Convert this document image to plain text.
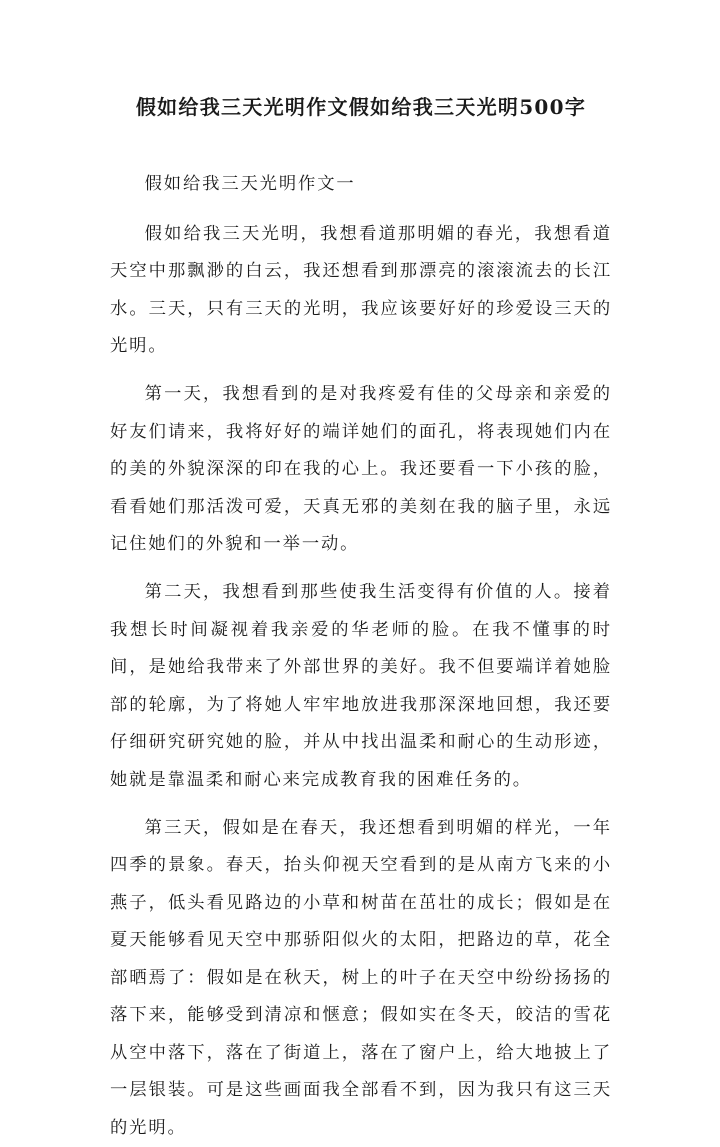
假如给我三天光明作文假如给我三天光明500字

假如给我三天光明作文一

假如给我三天光明，我想看道那明媚的春光，我想看道天空中那飘渺的白云，我还想看到那漂亮的滚滚流去的长江水。三天，只有三天的光明，我应该要好好的珍爱设三天的光明。

第一天，我想看到的是对我疼爱有佳的父母亲和亲爱的好友们请来，我将好好的端详她们的面孔，将表现她们内在的美的外貌深深的印在我的心上。我还要看一下小孩的脸，看看她们那活泼可爱，天真无邪的美刻在我的脑子里，永远记住她们的外貌和一举一动。

第二天，我想看到那些使我生活变得有价值的人。接着我想长时间凝视着我亲爱的华老师的脸。在我不懂事的时间，是她给我带来了外部世界的美好。我不但要端详着她脸部的轮廓，为了将她人牢牢地放进我那深深地回想，我还要仔细研究研究她的脸，并从中找出温柔和耐心的生动形迹，她就是靠温柔和耐心来完成教育我的困难任务的。

第三天，假如是在春天，我还想看到明媚的样光，一年四季的景象。春天，抬头仰视天空看到的是从南方飞来的小燕子，低头看见路边的小草和树苗在茁壮的成长；假如是在夏天能够看见天空中那骄阳似火的太阳，把路边的草，花全部晒焉了：假如是在秋天，树上的叶子在天空中纷纷扬扬的落下来，能够受到清凉和惬意；假如实在冬天，皎洁的雪花从空中落下，落在了街道上，落在了窗户上，给大地披上了一层银装。可是这些画面我全部看不到，因为我只有这三天的光明。
